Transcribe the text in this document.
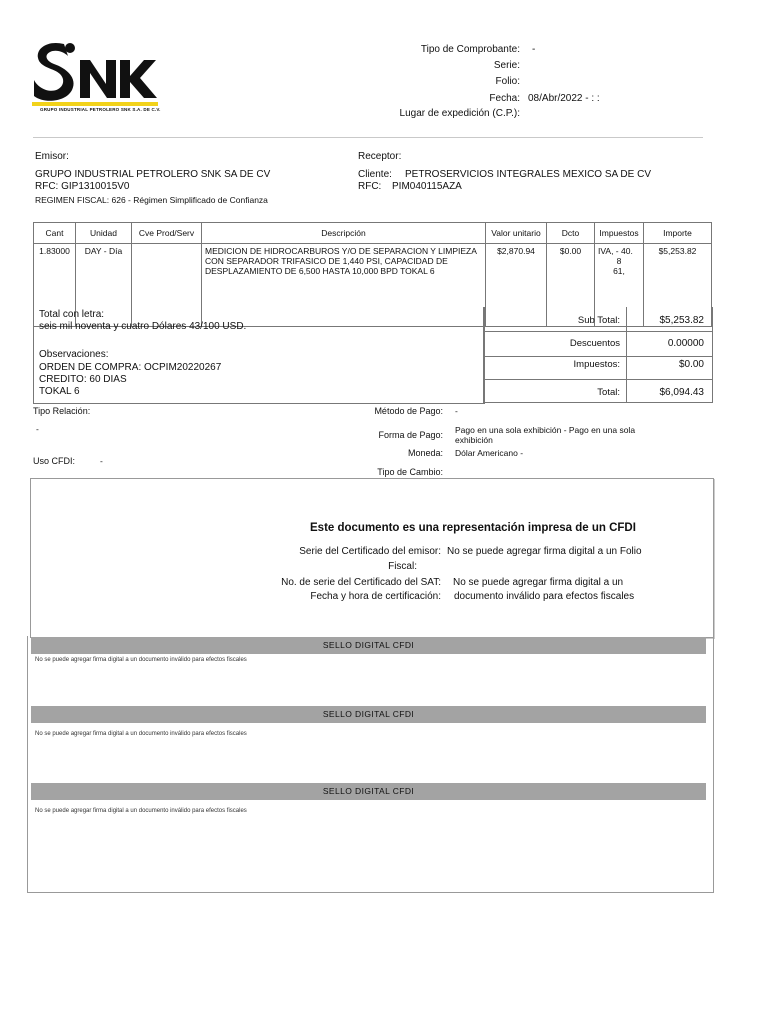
GRUPO INDUSTRIAL PETROLERO SNK S.A. DE C.V.
Tipo de Comprobante: -
Serie:
Folio:
Fecha: 08/Abr/2022 - : :
Lugar de expedición (C.P.):
Emisor:
GRUPO INDUSTRIAL PETROLERO SNK SA DE CV
RFC: GIP1310015V0
REGIMEN FISCAL: 626 - Régimen Simplificado de Confianza
Receptor:
Cliente: PETROSERVICIOS INTEGRALES MEXICO SA DE CV
RFC: PIM040115AZA
Cant	Unidad	Cve Prod/Serv	Descripción	Valor unitario	Dcto	Impuestos	Importe
1.83000	DAY - Día		MEDICION DE HIDROCARBUROS Y/O DE SEPARACION Y LIMPIEZA CON SEPARADOR TRIFASICO DE 1,440 PSI, CAPACIDAD DE DESPLAZAMIENTO DE 6,500 HASTA 10,000 BPD TOKAL 6	$2,870.94	$0.00	IVA, - 40.
8
61,	$5,253.82
Total con letra:
seis mil noventa y cuatro Dólares 43/100 USD.
Observaciones:
ORDEN DE COMPRA: OCPIM20220267
CREDITO: 60 DIAS
TOKAL 6
Sub Total:	$5,253.82
Descuentos	0.00000
Impuestos:	$0.00
Total:	$6,094.43
Tipo Relación:
-
Uso CFDI:	-
Método de Pago: -
Forma de Pago: Pago en una sola exhibición - Pago en una sola exhibición
Moneda: Dólar Americano -
Tipo de Cambio:
Este documento es una representación impresa de un CFDI
Serie del Certificado del emisor: No se puede agregar firma digital a un Folio
Fiscal:
No. de serie del Certificado del SAT: No se puede agregar firma digital a un
Fecha y hora de certificación: documento inválido para efectos fiscales
SELLO DIGITAL CFDI
No se puede agregar firma digital a un documento inválido para efectos fiscales
SELLO DIGITAL CFDI
No se puede agregar firma digital a un documento inválido para efectos fiscales
SELLO DIGITAL CFDI
No se puede agregar firma digital a un documento inválido para efectos fiscales
